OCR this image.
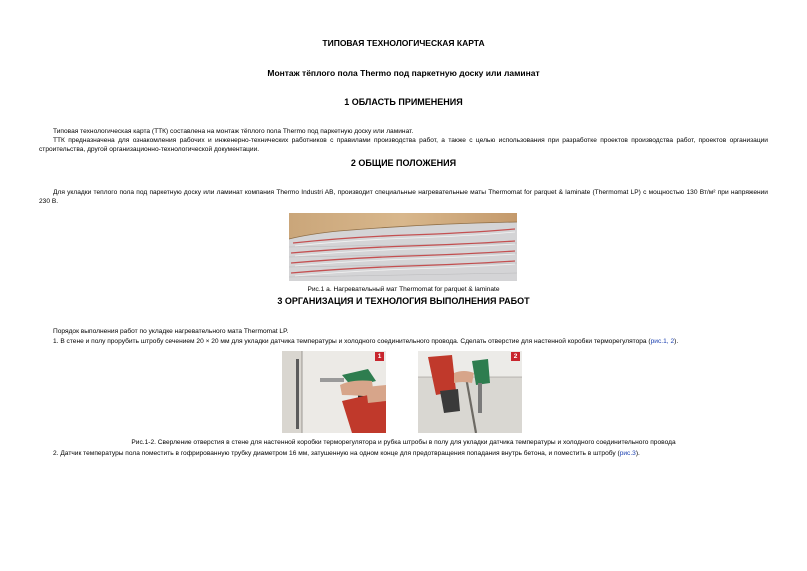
ТИПОВАЯ ТЕХНОЛОГИЧЕСКАЯ КАРТА
Монтаж тёплого пола Thermo под паркетную доску или ламинат
1 ОБЛАСТЬ ПРИМЕНЕНИЯ
Типовая технологическая карта (ТТК) составлена на монтаж тёплого пола Thermo под паркетную доску или ламинат.
ТТК предназначена для ознакомления рабочих и инженерно-технических работников с правилами производства работ, а также с целью использования при разработке проектов производства работ, проектов организации строительства, другой организационно-технологической документации.
2 ОБЩИЕ ПОЛОЖЕНИЯ
Для укладки теплого пола под паркетную доску или ламинат компания Thermo Industri AB, производит специальные нагревательные маты Thermomat for parquet & laminate (Thermomat LP) с мощностью 130 Вт/м² при напряжении 230 В.
Рис.1 а. Нагревательный мат Thermomat for parquet & laminate
3 ОРГАНИЗАЦИЯ И ТЕХНОЛОГИЯ ВЫПОЛНЕНИЯ РАБОТ
Порядок выполнения работ по укладке нагревательного мата Thermomat LP.
1. В стене и полу прорубить штробу сечением 20 × 20 мм для укладки датчика температуры и холодного соединительного провода. Сделать отверстие для настенной коробки терморегулятора (рис.1, 2).
1	2
Рис.1-2. Сверление отверстия в стене для настенной коробки терморегулятора и рубка штробы в полу для укладки датчика температуры и холодного соединительного провода
2. Датчик температуры пола поместить в гофрированную трубку диаметром 16 мм, затушенную на одном конце для предотвращения попадания внутрь бетона, и поместить в штробу (рис.3).
